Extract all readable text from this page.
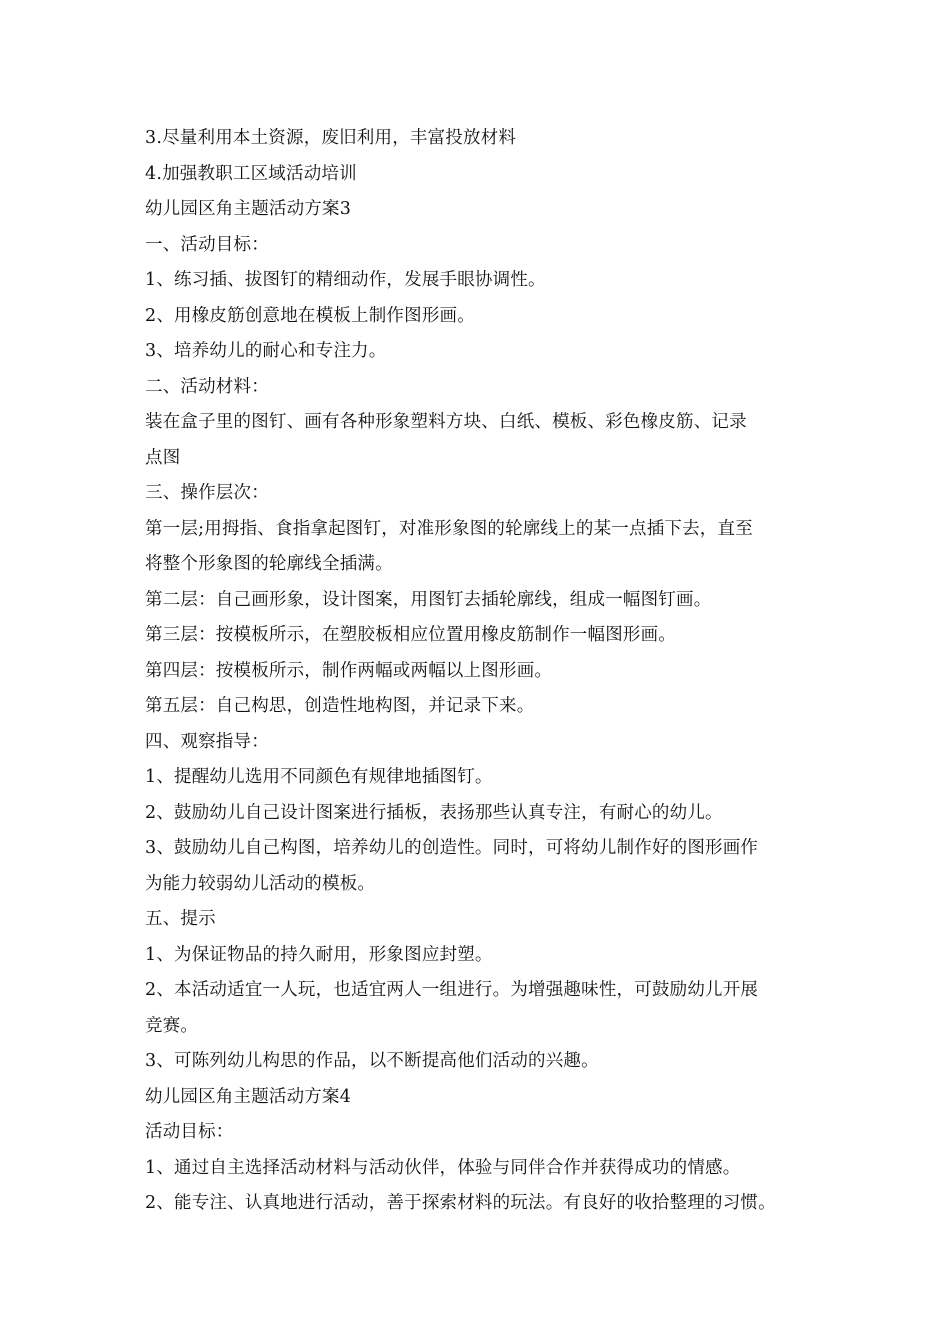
3.尽量利用本土资源，废旧利用，丰富投放材料
4.加强教职工区域活动培训
幼儿园区角主题活动方案3
一、活动目标：
1、练习插、拔图钉的精细动作，发展手眼协调性。
2、用橡皮筋创意地在模板上制作图形画。
3、培养幼儿的耐心和专注力。
二、活动材料：
装在盒子里的图钉、画有各种形象塑料方块、白纸、模板、彩色橡皮筋、记录
点图
三、操作层次：
第一层;用拇指、食指拿起图钉，对准形象图的轮廓线上的某一点插下去，直至
将整个形象图的轮廓线全插满。
第二层：自己画形象，设计图案，用图钉去插轮廓线，组成一幅图钉画。
第三层：按模板所示，在塑胶板相应位置用橡皮筋制作一幅图形画。
第四层：按模板所示，制作两幅或两幅以上图形画。
第五层：自己构思，创造性地构图，并记录下来。
四、观察指导：
1、提醒幼儿选用不同颜色有规律地插图钉。
2、鼓励幼儿自己设计图案进行插板，表扬那些认真专注，有耐心的幼儿。
3、鼓励幼儿自己构图，培养幼儿的创造性。同时，可将幼儿制作好的图形画作
为能力较弱幼儿活动的模板。
五、提示
1、为保证物品的持久耐用，形象图应封塑。
2、本活动适宜一人玩，也适宜两人一组进行。为增强趣味性，可鼓励幼儿开展
竞赛。
3、可陈列幼儿构思的作品，以不断提高他们活动的兴趣。
幼儿园区角主题活动方案4
活动目标：
1、通过自主选择活动材料与活动伙伴，体验与同伴合作并获得成功的情感。
2、能专注、认真地进行活动，善于探索材料的玩法。有良好的收拾整理的习惯。
